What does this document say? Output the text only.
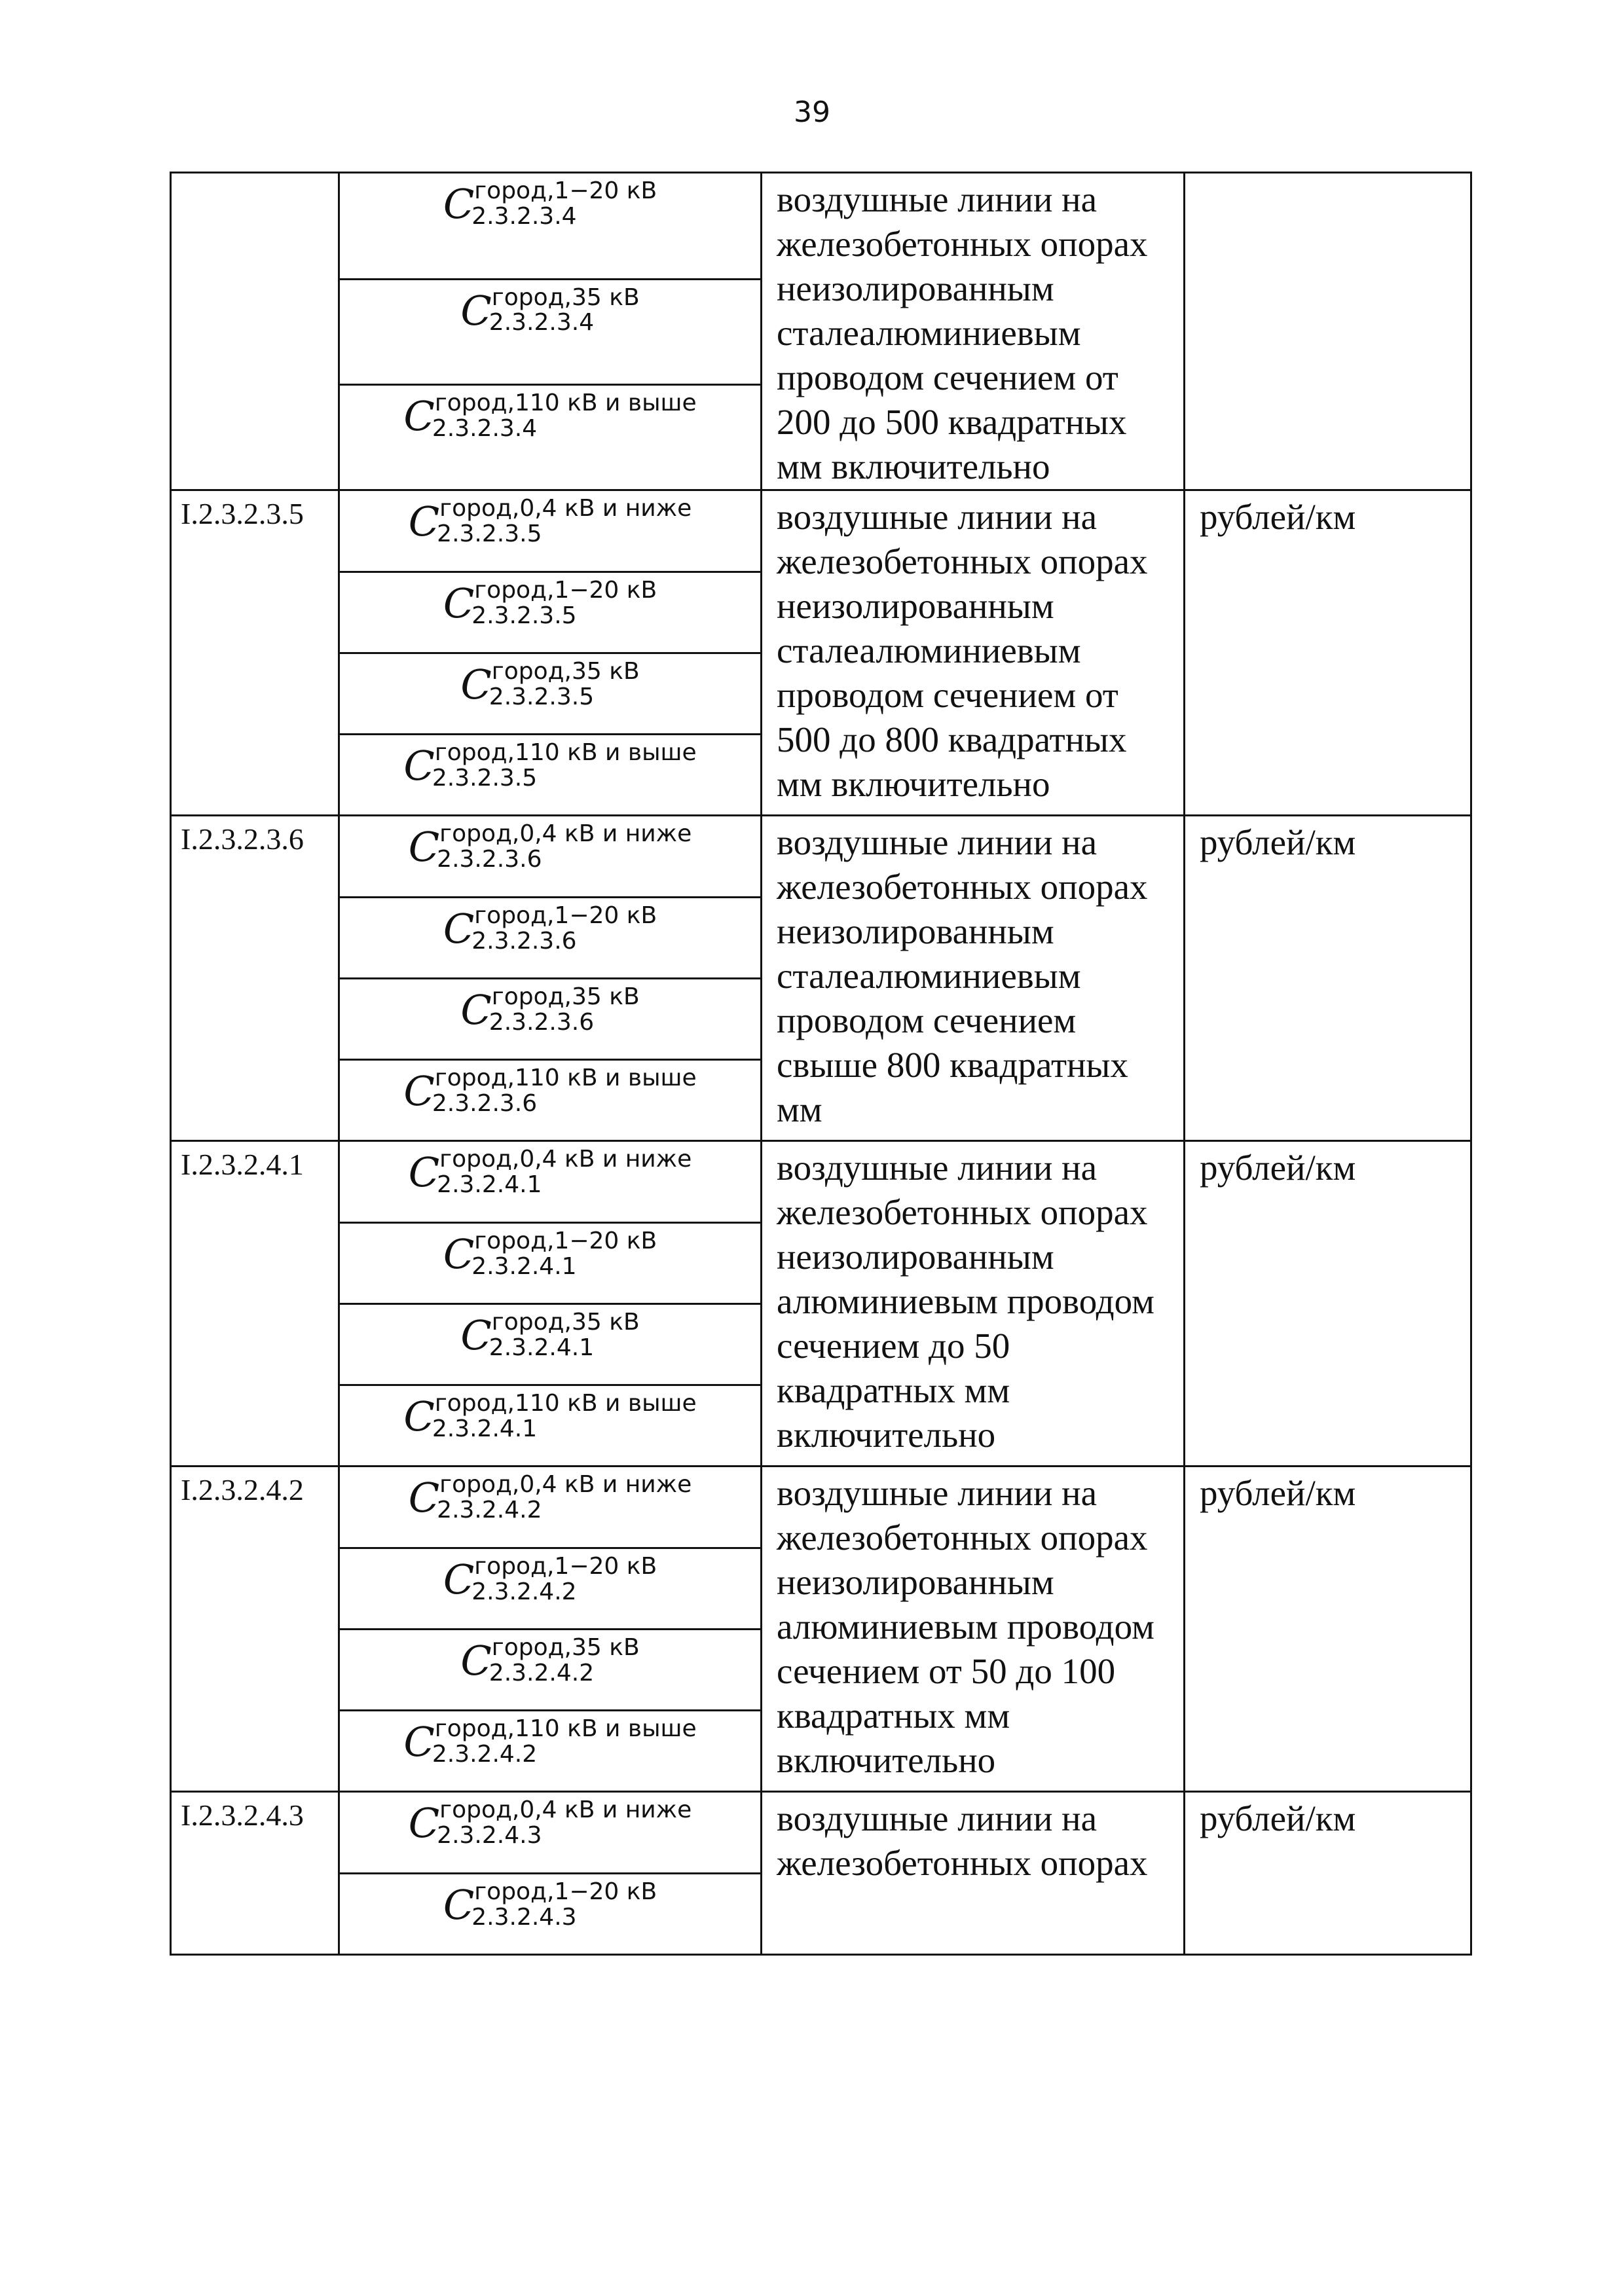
39
	C город,1−20 кВ
2.3.2.3.4	воздушные линии на железобетонных опорах неизолированным сталеалюминиевым проводом сечением от 200 до 500 квадратных мм включительно	
	C город,35 кВ
2.3.2.3.4		

	C город,110 кВ и выше
2.3.2.3.4		

I.2.3.2.3.5	C город,0,4 кВ и ниже
2.3.2.3.5	воздушные линии на железобетонных опорах неизолированным сталеалюминиевым проводом сечением от 500 до 800 квадратных мм включительно	рублей/км
	C город,1−20 кВ
2.3.2.3.5		

	C город,35 кВ
2.3.2.3.5		

	C город,110 кВ и выше
2.3.2.3.5		

I.2.3.2.3.6	C город,0,4 кВ и ниже
2.3.2.3.6	воздушные линии на железобетонных опорах неизолированным сталеалюминиевым проводом сечением свыше 800 квадратных мм	рублей/км
	C город,1−20 кВ
2.3.2.3.6		

	C город,35 кВ
2.3.2.3.6		

	C город,110 кВ и выше
2.3.2.3.6		

I.2.3.2.4.1	C город,0,4 кВ и ниже
2.3.2.4.1	воздушные линии на железобетонных опорах неизолированным алюминиевым проводом сечением до 50 квадратных мм включительно	рублей/км
	C город,1−20 кВ
2.3.2.4.1		

	C город,35 кВ
2.3.2.4.1		

	C город,110 кВ и выше
2.3.2.4.1		

I.2.3.2.4.2	C город,0,4 кВ и ниже
2.3.2.4.2	воздушные линии на железобетонных опорах неизолированным алюминиевым проводом сечением от 50 до 100 квадратных мм включительно	рублей/км
	C город,1−20 кВ
2.3.2.4.2		

	C город,35 кВ
2.3.2.4.2		

	C город,110 кВ и выше
2.3.2.4.2		

I.2.3.2.4.3	C город,0,4 кВ и ниже
2.3.2.4.3	воздушные линии на железобетонных опорах	рублей/км
	C город,1−20 кВ
2.3.2.4.3		
